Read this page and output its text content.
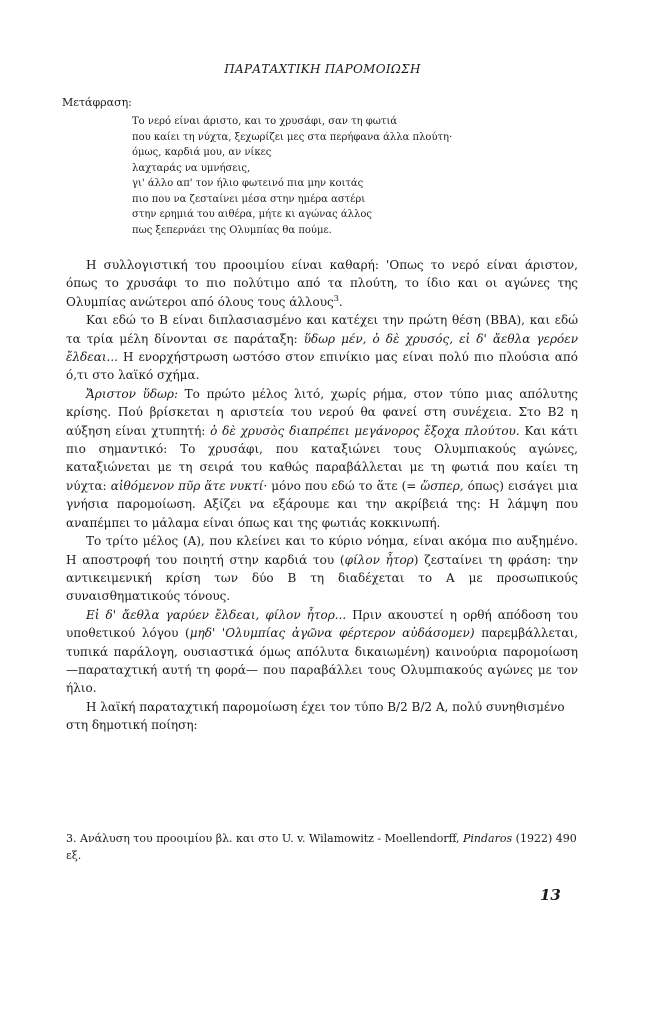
ΠΑΡΑΤΑΧΤΙΚΗ ΠΑΡΟΜΟΙΩΣΗ
Μετάφραση:
Το νερό είναι άριστο, και το χρυσάφι, σαν τη φωτιά
που καίει τη νύχτα, ξεχωρίζει μες στα περήφανα άλλα πλούτη·
όμως, καρδιά μου, αν νίκες
λαχταράς να υμνήσεις,
γι' άλλο απ' τον ήλιο φωτεινό πια μην κοιτάς
πιο που να ζεσταίνει μέσα στην ημέρα αστέρι
στην ερημιά του αιθέρα, μήτε κι αγώνας άλλος
πως ξεπερνάει της Ολυμπίας θα πούμε.

Η συλλογιστική του προοιμίου είναι καθαρή: 'Οπως το νερό είναι άριστον, όπως το χρυσάφι το πιο πολύτιμο από τα πλούτη, το ίδιο και οι αγώνες της Ολυμπίας ανώτεροι από όλους τους άλλους$^3$.

Και εδώ το Β είναι διπλασιασμένο και κατέχει την πρώτη θέση (ΒΒΑ), και εδώ τα τρία μέλη δίνονται σε παράταξη: ὕδωρ μέν, ὁ δὲ χρυσός, εἰ δ' ἄεθλα γερόεν ἔλδεαι... Η ενορχήστρωση ωστόσο στον επινίκιο μας είναι πολύ πιο πλούσια από ό,τι στο λαϊκό σχήμα.

Ἄριστον ὕδωρ: Το πρώτο μέλος λιτό, χωρίς ρήμα, στον τύπο μιας απόλυτης κρίσης. Πού βρίσκεται η αριστεία του νερού θα φανεί στη συνέχεια. Στο Β2 η αύξηση είναι χτυπητή: ὁ δὲ χρυσὸς διαπρέπει μεγάνορος ἔξοχα πλούτου. Και κάτι πιο σημαντικό: Το χρυσάφι, που καταξιώνει τους Ολυμπιακούς αγώνες, καταξιώνεται με τη σειρά του καθώς παραβάλλεται με τη φωτιά που καίει τη νύχτα: αἰθόμενον πῦρ ἅτε νυκτί· μόνο που εδώ το ἅτε (= ὥσπερ, όπως) εισάγει μια γνήσια παρομοίωση. Αξίζει να εξάρουμε και την ακρίβειά της: Η λάμψη που αναπέμπει το μάλαμα είναι όπως και της φωτιάς κοκκινωπή.

Το τρίτο μέλος (Α), που κλείνει και το κύριο νόημα, είναι ακόμα πιο αυξημένο. Η αποστροφή του ποιητή στην καρδιά του (φίλον ἦτορ) ζεσταίνει τη φράση: την αντικειμενική κρίση των δύο Β τη διαδέχεται το Α με προσωπικούς συναισθηματικούς τόνους.

Εἰ δ' ἄεθλα γαρύεν ἔλδεαι, φίλον ἦτορ... Πριν ακουστεί η ορθή απόδοση του υποθετικού λόγου (μηδ' 'Ολυμπίας ἀγῶνα φέρτερον αὐδάσομεν) παρεμβάλλεται, τυπικά παράλογη, ουσιαστικά όμως απόλυτα δικαιωμένη) καινούρια παρομοίωση —παραταχτική αυτή τη φορά— που παραβάλλει τους Ολυμπιακούς αγώνες με τον ήλιο.

Η λαϊκή παραταχτική παρομοίωση έχει τον τύπο Β/2 Β/2 Α, πολύ συνηθισμένο στη δημοτική ποίηση:

3. Ανάλυση του προοιμίου βλ. και στο U. v. Wilamowitz - Moellendorff, Pindaros (1922) 490 εξ.
13
